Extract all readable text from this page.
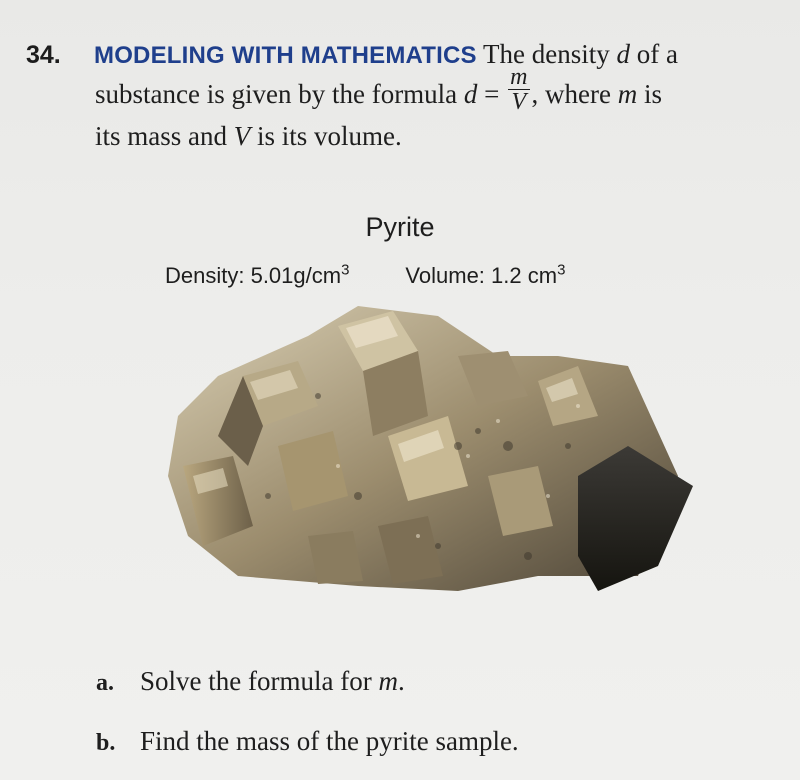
34. MODELING WITH MATHEMATICS The density d of a
substance is given by the formula $d = \frac{m}{V}$ , where m is
its mass and V is its volume.
Pyrite
Density: $5.01g/cm^3$	Volume: 1.2 $cm^3$
a. Solve the formula for m.
b. Find the mass of the pyrite sample.
